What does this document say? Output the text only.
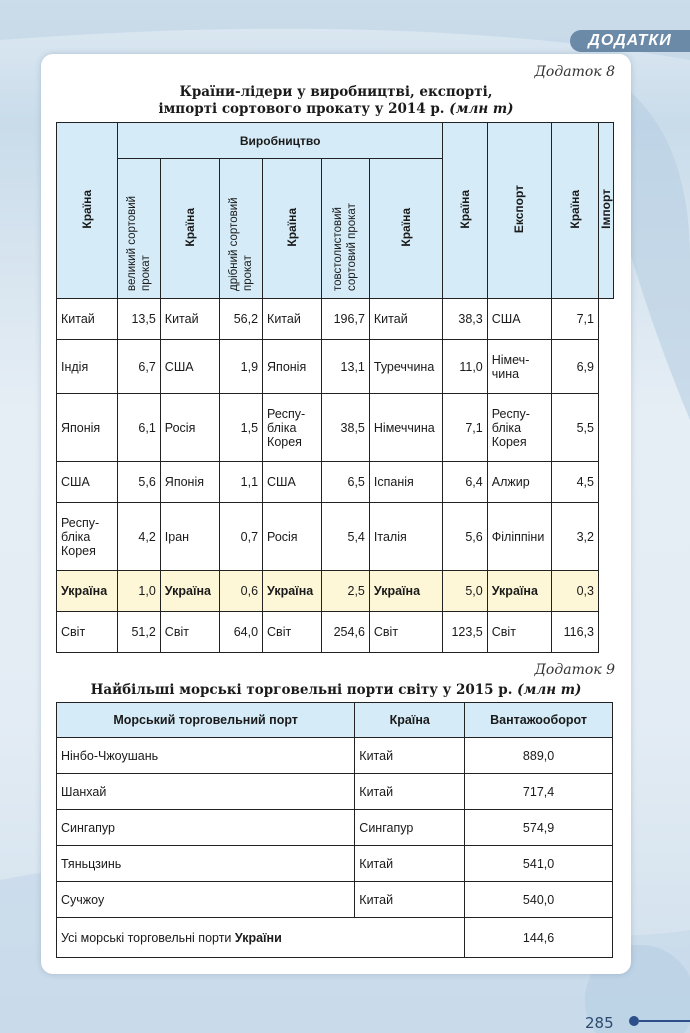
ДОДАТКИ
Додаток 8
Країни-лідери у виробництві, експорті,
імпорті сортового прокату у 2014 р. (млн т)
Країна	Виробництво						Країна	Експорт	Країна	Імпорт
	великий сортовий прокат	Країна	дрібний сортовий прокат	Країна	товстолистовий сортовий прокат	Країна				
Китай	13,5	Китай	56,2	Китай	196,7	Китай	38,3	США	7,1	
Індія	6,7	США	1,9	Японія	13,1	Туреччина	11,0	Німеч-чина	6,9	
Японія	6,1	Росія	1,5	Респу-бліка Корея	38,5	Німеччина	7,1	Респу-бліка Корея	5,5	
США	5,6	Японія	1,1	США	6,5	Іспанія	6,4	Алжир	4,5	
Респу-бліка Корея	4,2	Іран	0,7	Росія	5,4	Італія	5,6	Філіппіни	3,2	
Україна	1,0	Україна	0,6	Україна	2,5	Україна	5,0	Україна	0,3	
Світ	51,2	Світ	64,0	Світ	254,6	Світ	123,5	Світ	116,3	
Додаток 9
Найбільші морські торговельні порти світу у 2015 р. (млн т)
Морський торговельний порт	Країна	Вантажооборот
Нінбо-Чжоушань	Китай	889,0
Шанхай	Китай	717,4
Сингапур	Сингапур	574,9
Тяньцзинь	Китай	541,0
Сучжоу	Китай	540,0
Усі морські торговельні порти України		144,6
285
